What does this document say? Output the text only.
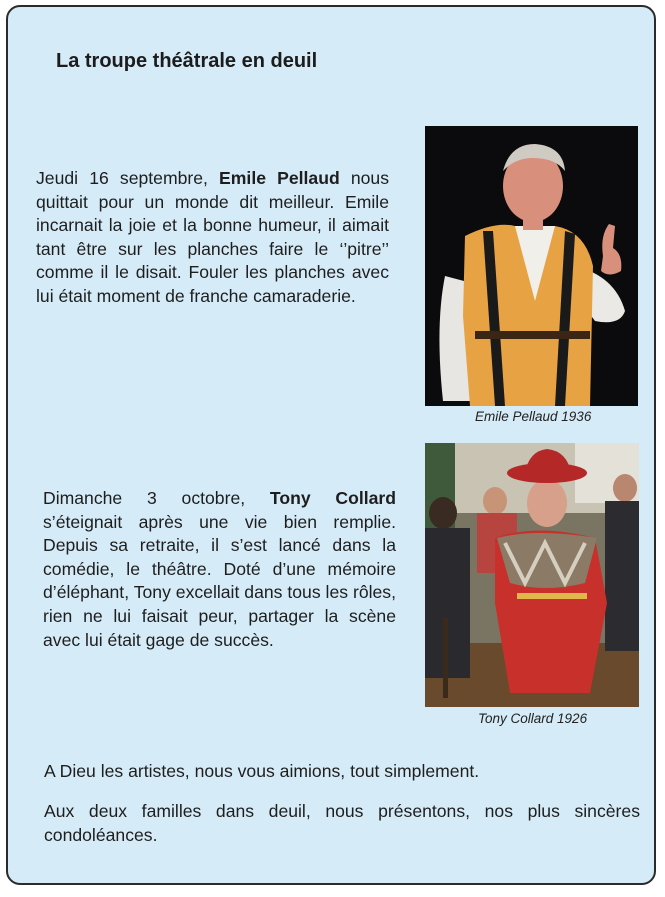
La troupe théâtrale en deuil

Jeudi 16 septembre, Emile Pellaud nous quittait pour un monde dit meilleur. Emile incarnait la joie et la bonne humeur, il aimait tant être sur les planches faire le ‘’pitre’’ comme il le disait. Fouler les planches avec lui était moment de franche camaraderie.

Emile Pellaud 1936

Tony Collard 1926

Dimanche 3 octobre, Tony Collard s’éteignait après une vie bien remplie. Depuis sa retraite, il s’est lancé dans la comédie, le théâtre. Doté d’une mémoire d’éléphant, Tony excellait dans tous les rôles, rien ne lui faisait peur, partager la scène avec lui était gage de succès.

A Dieu les artistes, nous vous aimions, tout simplement.

Aux deux familles dans deuil, nous présentons, nos plus sincères condoléances.
